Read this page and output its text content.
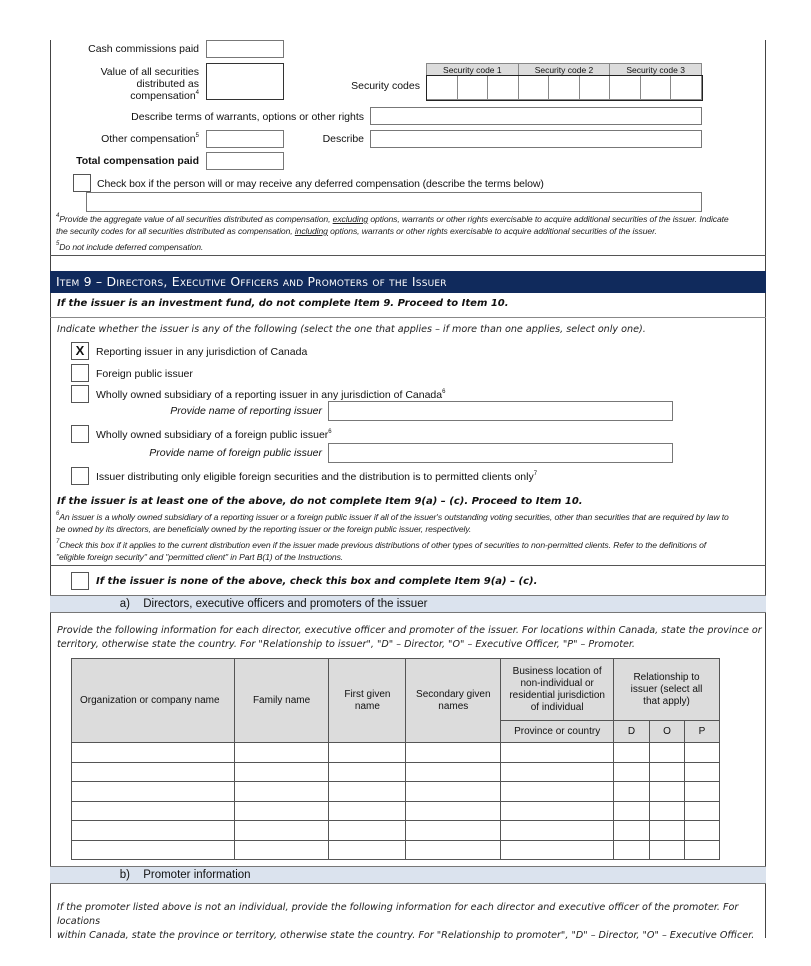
Cash commissions paid
Value of all securities
distributed as
compensation$^4$
Security codes
Security code 1			Security code 2			Security code 3		

Describe terms of warrants, options or other rights
Other compensation$^5$	Describe
Total compensation paid
Check box if the person will or may receive any deferred compensation (describe the terms below)
$^4$Provide the aggregate value of all securities distributed as compensation, excluding options, warrants or other rights exercisable to acquire additional securities of the issuer. Indicate
the security codes for all securities distributed as compensation, including options, warrants or other rights exercisable to acquire additional securities of the issuer.
$^5$Do not include deferred compensation.
Item 9 – Directors, Executive Officers and Promoters of the Issuer
If the issuer is an investment fund, do not complete Item 9. Proceed to Item 10.
Indicate whether the issuer is any of the following (select the one that applies – if more than one applies, select only one).
X	Reporting issuer in any jurisdiction of Canada
Foreign public issuer
Wholly owned subsidiary of a reporting issuer in any jurisdiction of Canada$^6$
Provide name of reporting issuer
Wholly owned subsidiary of a foreign public issuer$^6$
Provide name of foreign public issuer
Issuer distributing only eligible foreign securities and the distribution is to permitted clients only$^7$
If the issuer is at least one of the above, do not complete Item 9(a) – (c). Proceed to Item 10.
$^6$An issuer is a wholly owned subsidiary of a reporting issuer or a foreign public issuer if all of the issuer's outstanding voting securities, other than securities that are required by law to
be owned by its directors, are beneficially owned by the reporting issuer or the foreign public issuer, respectively.
$^7$Check this box if it applies to the current distribution even if the issuer made previous distributions of other types of securities to non-permitted clients. Refer to the definitions of
"eligible foreign security" and "permitted client" in Part B(1) of the Instructions.
If the issuer is none of the above, check this box and complete Item 9(a) – (c).
a) Directors, executive officers and promoters of the issuer
Provide the following information for each director, executive officer and promoter of the issuer. For locations within Canada, state the province or
territory, otherwise state the country. For "Relationship to issuer", "D" – Director, "O" – Executive Officer, "P" – Promoter.
Organization or company name	Family name	First given name	Secondary given names	Business location of non-individual or residential jurisdiction of individual	Relationship to issuer (select all that apply)		
				Province or country	D	O	P

b) Promoter information
If the promoter listed above is not an individual, provide the following information for each director and executive officer of the promoter. For locations
within Canada, state the province or territory, otherwise state the country. For "Relationship to promoter", "D" – Director, "O" – Executive Officer.
